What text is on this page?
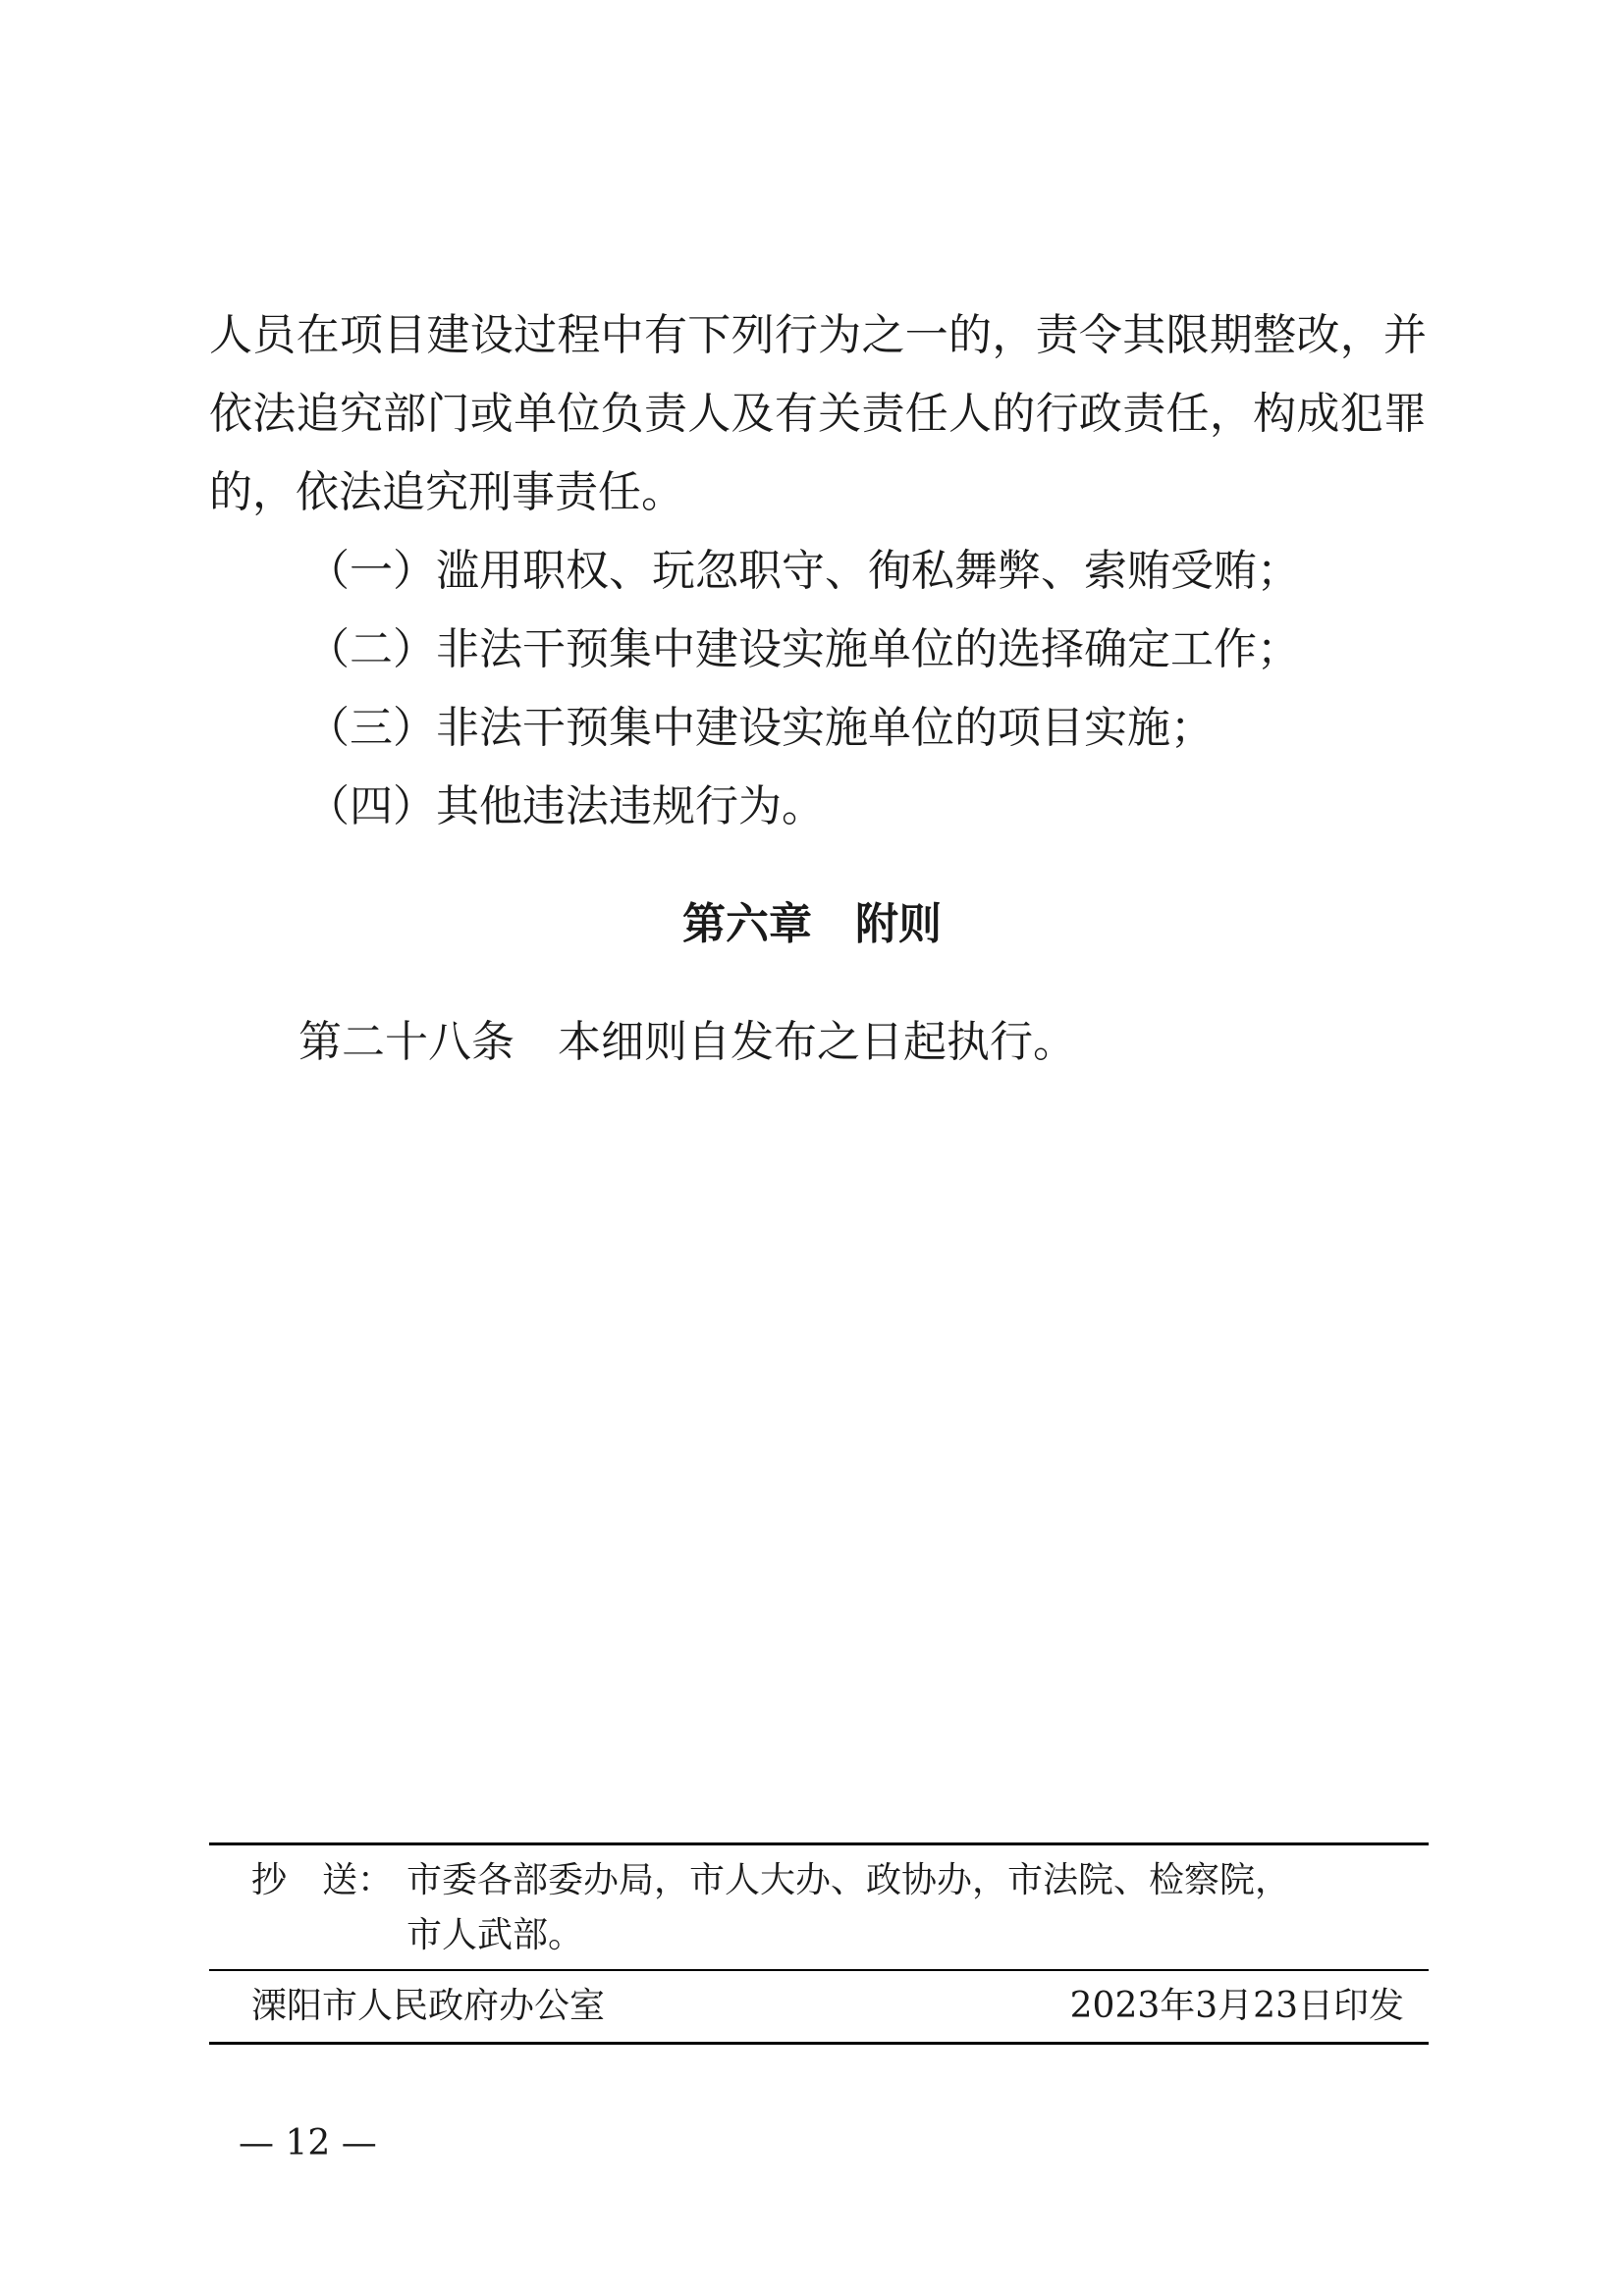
人员在项目建设过程中有下列行为之一的，责令其限期整改，并
依法追究部门或单位负责人及有关责任人的行政责任，构成犯罪
的，依法追究刑事责任。
（一）滥用职权、玩忽职守、徇私舞弊、索贿受贿；
（二）非法干预集中建设实施单位的选择确定工作；
（三）非法干预集中建设实施单位的项目实施；
（四）其他违法违规行为。
第六章 附则
第二十八条 本细则自发布之日起执行。
抄　送： 市委各部委办局，市人大办、政协办，市法院、检察院，
市人武部。
溧阳市人民政府办公室	2023年3月23日印发
— 12 —
